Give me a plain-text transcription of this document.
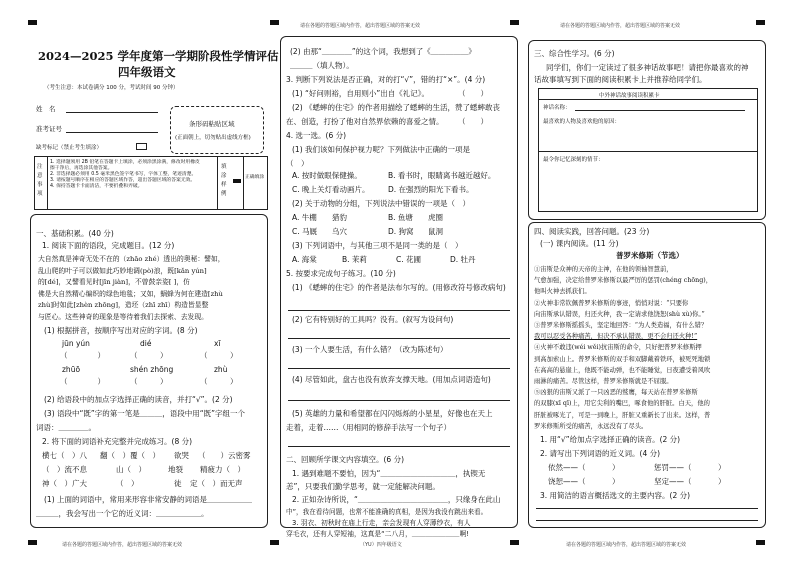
请在各题的答题区域内作答，超出答题区域的答案无效	请在各题的答题区域内作答，超出答题区域的答案无效
请在各题的答题区域内作答，超出答题区域的答案无效	（YU）四年级语文	请在各题的答题区域内作答，超出答题区域的答案无效
2024—2025 学年度第一学期阶段性学情评估
四年级语文
（考生注意：本试卷满分 100 分，考试时间 90 分钟）
姓　名
准考证号
缺考标记（禁止考生填涂）
条形码粘贴区域
(正面朝上，切勿贴出虚线方框)
注意事项
1. 选择题须用 2B 铅笔在答题卡上填涂，必须涂黑涂满，修改时用橡皮擦干净后，再选涂其他答案。
2. 非选择题必须用 0.5 毫米黑色签字笔书写，字体工整，笔迹清楚。
3. 请按题号顺序在相应的答题区域作答，超出答题区域的答案无效。
4. 保持答题卡卡面清洁，不要折叠和弄破。
填涂样例
正确填涂
一、基础积累。(40 分)
1. 阅读下面的语段，完成题目。(12 分)
大自然真是神奇无处不在的（zhāo zhé）透出的奥秘：譬如，
乱山爬的叶子可以做如此巧妙地调(pò)浪，既[kǎn yún]
的[dé]，又譬看见时[jīn jiàn]，不曾鼓亲姿[ ]，仿
佛是大自然精心编织的绿色地毯；又如，蜗蜂为何在建造[zhù
zhù]时如此[zhèn zhōng]，造坯（zhī zhī）构造皆显整
与匠心。这些神奇的现象是等待着我们去探索、去发现。
(1) 根据拼音，按顺序写出对应的字词。(8 分)
jūn yún	dié	xī
（　　　　）	（　　　）	（　　　）
zhūō	shén zhōng	zhù
（　　　　）	（　　　）	（　　　）
(2) 给语段中的加点字选择正确的读音，并打“√”。(2 分)
(3) 语段中“既”字的第一笔是＿＿＿，语段中用“既”字组一个
词语：＿＿＿＿。
2. 将下面的词语补充完整并完成练习。(8 分)
横七（　）八 翻（　）覆（　） 欲哭 （　　）云密雾
（　）流不息	山（　）	地裂 精疲力（　）
神（　）广大	（　）	徒 定（　）而无声
(1) 上面的词语中，常用来形容非常安静的词语是＿＿＿＿＿＿
＿＿＿，我会写出一个它的近义词：＿＿＿＿＿＿。
(2) 由那“＿＿＿＿”的这个词，我想到了《＿＿＿＿＿》
＿＿＿（填人物）。
3. 判断下列说法是否正确，对的打“√”，错的打“×”。(4 分)
(1) “好问则裕，自用则小”出自《礼记》。	（　　）
(2) 《蟋蟀的住宅》的作者用描绘了蟋蟀的生活，赞了蟋蟀敢丧
在、创造，打扮了他对自然界依赖的喜爱之情。 （　　）
4. 选一选。(6 分)
(1) 我们该如何保护视力呢？下列做法中正确的一项是
（　）
A. 按时做眼保健操。	B. 看书时，眼睛离书越近越好。
C. 晚上关灯看动画片。 D. 在强烈的阳光下看书。
(2) 关于动物的分组，下列说法中错误的一项是（　）
A. 牛棚 猎豹	B. 鱼塘 虎圈
C. 马厩 乌穴	D. 狗窝 鼠洞
(3) 下列词语中，与其他三项不是同一类的是（　）
A. 海棠	B. 茉莉	C. 花圃	D. 牡丹
5. 按要求完成句子练习。(10 分)
(1) 《蟋蟀的住宅》的作者是法布尔写的。(用修改符号修改病句)
(2) 它有特别好的工具吗？没有。(叙写为设问句)
(3) 一个人要生活，有什么错？（改为陈述句）
(4) 尽管如此，盘古也没有放弃支撑天地。(用加点词语造句)
(5) 英雄的力量和希望都在闪闪烁烁的小星星，好像也在天上
走着，走着……（用相同的修辞手法写一个句子）
二、回顾所学课文内容填空。(6 分)
1. 遇到难题不要怕，因为“＿＿＿＿＿＿＿＿＿＿，执锲无
恙”，只要我们勤学思考，就一定能解决问题。
2. 正如杂诗所说，“＿＿＿＿＿＿＿＿＿＿＿＿，只缘身在此山
中”，我在看待问题，也常不能准确的真相，是因为我没有跳出来看。
3. 羽衣、初秋时在庙上行走，亲会发现有人穿薄纱衣，有人
穿毛衣，还有人穿短袖，这真是“二八月，＿＿＿＿＿＿＿啊!
三、综合性学习。(6 分)
同学们，你们一定读过了很多神话故事吧！请把你最喜欢的神
话故事填写到下面的阅读积累卡上并推荐给同学们。
中外神话故事阅读积累卡
神话名称：
最喜欢的人物及喜欢他的原因：
最令你记忆深刻的情节：
四、阅读实践，回答问题。(23 分)
(一) 课内阅读。(11 分)
普罗米修斯（节选）
①宙斯是众神的天帝的主神，在他的领袖智慧前，
气愈加强，决定给普罗米修斯以最严厉的惩罚(chéng chōng)，
他叫火神去抓获们。
②火神非常钦佩普罗米修斯的事迹，悄悄对说：“只要你
向宙斯承认错误，归还火种，我一定请求他饶恕(shù xù)你。”
③普罗米修斯摇摇头，坚定地回答：“为人类造福，有什么错？
我可以忍受各种痛苦，但决不承认错误，更不会归还火种!”
④火神不敢违(wéi wěi)抗宙斯的命令，只好把普罗米修斯押
到高加索山上。普罗米修斯的双手和双脚戴着铁环，被死死地锁
在高高的悬崖上，他既不能动弹，也不能睡觉，日夜遭受着风吹
雨淋的痛苦。尽管这样，普罗米修斯就是不屈服。
⑤凶狠的宙斯又派了一只凶恶的鹫鹰，每天站在普罗米修斯
的双膝(xī qī)上，用它尖利的嘴巴，啄食他的肝脏。白天，他的
肝脏被啄光了，可是一到晚上，肝脏又重新长了出来。这样，普
罗米修斯所受的痛苦，永远没有了尽头。
1. 用“√”给加点字选择正确的读音。(2 分)
2. 请写出下列词语的近义词。(4 分)
依然——（	）	惩罚——（	）
饶恕——（	）	坚定——（	）
3. 用简洁的语言概括选文的主要内容。(2 分)
